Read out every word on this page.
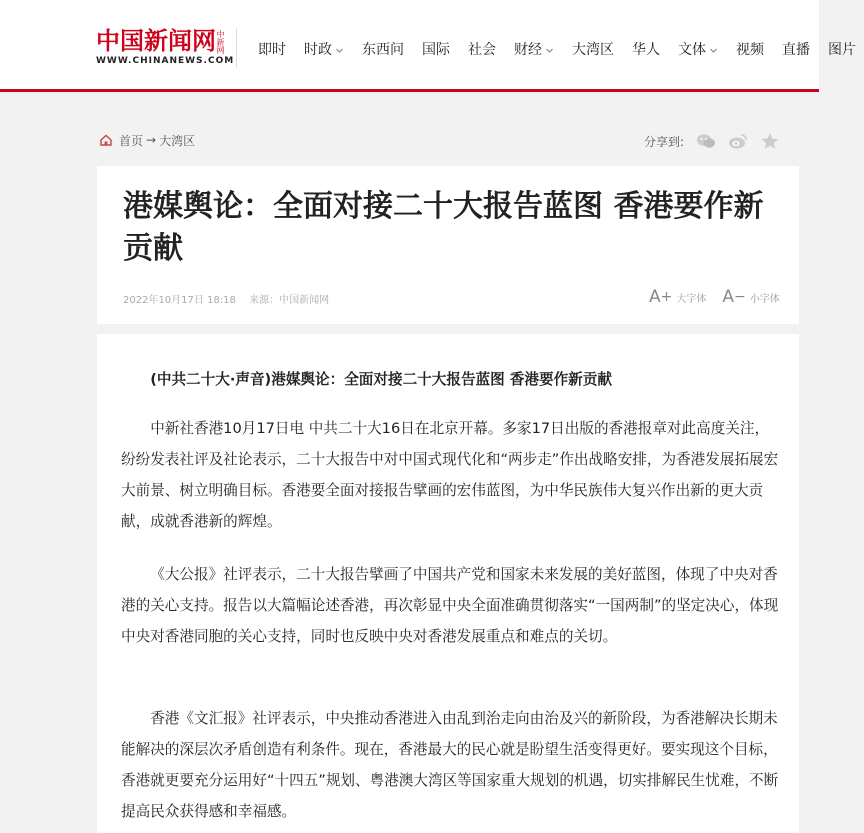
中国新闻网 中新网
WWW.CHINANEWS.COM
即时 时政 东西问 国际 社会 财经 大湾区 华人 文体 视频 直播 图片
首页 → 大湾区	分享到:
港媒舆论：全面对接二十大报告蓝图 香港要作新贡献
2022年10月17日 18:18 来源：中国新闻网	A + 大字体 A − 小字体

(中共二十大·声音)港媒舆论：全面对接二十大报告蓝图 香港要作新贡献

中新社香港10月17日电 中共二十大16日在北京开幕。多家17日出版的香港报章对此高度关注，纷纷发表社评及社论表示，二十大报告中对中国式现代化和“两步走”作出战略安排，为香港发展拓展宏大前景、树立明确目标。香港要全面对接报告擘画的宏伟蓝图，为中华民族伟大复兴作出新的更大贡献，成就香港新的辉煌。

《大公报》社评表示，二十大报告擘画了中国共产党和国家未来发展的美好蓝图，体现了中央对香港的关心支持。报告以大篇幅论述香港，再次彰显中央全面准确贯彻落实“一国两制”的坚定决心，体现中央对香港同胞的关心支持，同时也反映中央对香港发展重点和难点的关切。

香港《文汇报》社评表示，中央推动香港进入由乱到治走向由治及兴的新阶段，为香港解决长期未能解决的深层次矛盾创造有利条件。现在，香港最大的民心就是盼望生活变得更好。要实现这个目标，香港就更要充分运用好“十四五”规划、粤港澳大湾区等国家重大规划的机遇，切实排解民生忧难，不断提高民众获得感和幸福感。
